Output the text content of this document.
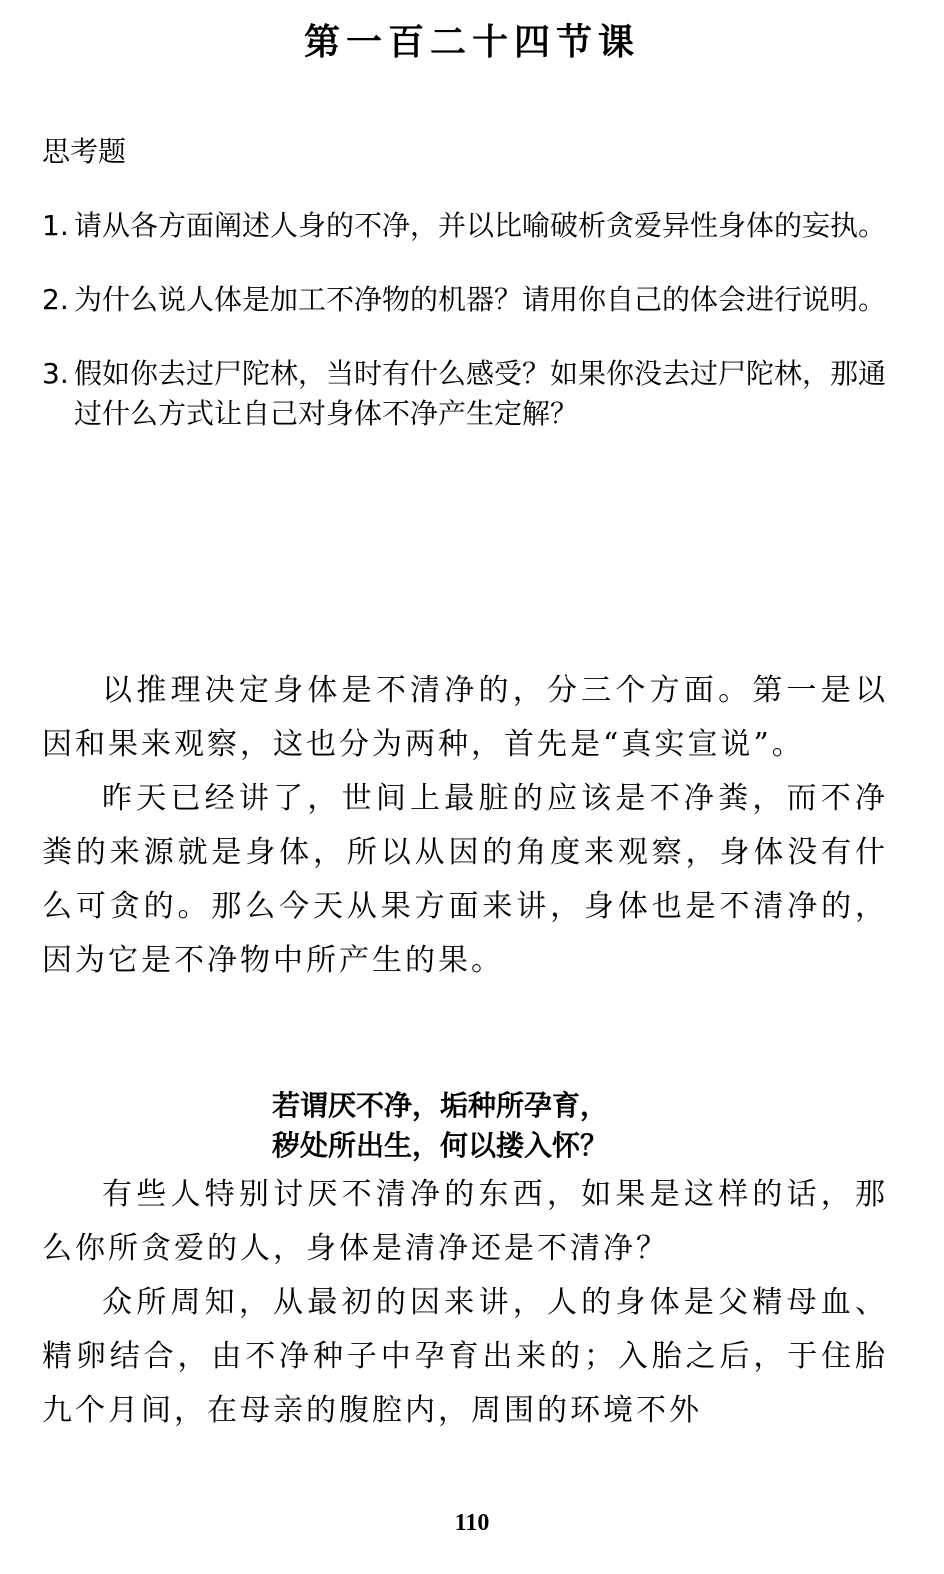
第一百二十四节课
思考题
1. 请从各方面阐述人身的不净，并以比喻破析贪爱异性身体的妄执。
2. 为什么说人体是加工不净物的机器？请用你自己的体会进行说明。
3. 假如你去过尸陀林，当时有什么感受？如果你没去过尸陀林，那通过什么方式让自己对身体不净产生定解？

以推理决定身体是不清净的，分三个方面。第一是以因和果来观察，这也分为两种，首先是“真实宣说”。

昨天已经讲了，世间上最脏的应该是不净粪，而不净粪的来源就是身体，所以从因的角度来观察，身体没有什么可贪的。那么今天从果方面来讲，身体也是不清净的，因为它是不净物中所产生的果。

若谓厌不净，垢种所孕育，
秽处所出生，何以搂入怀？

有些人特别讨厌不清净的东西，如果是这样的话，那么你所贪爱的人，身体是清净还是不清净？

众所周知，从最初的因来讲，人的身体是父精母血、精卵结合，由不净种子中孕育出来的；入胎之后，于住胎九个月间，在母亲的腹腔内，周围的环境不外

110
